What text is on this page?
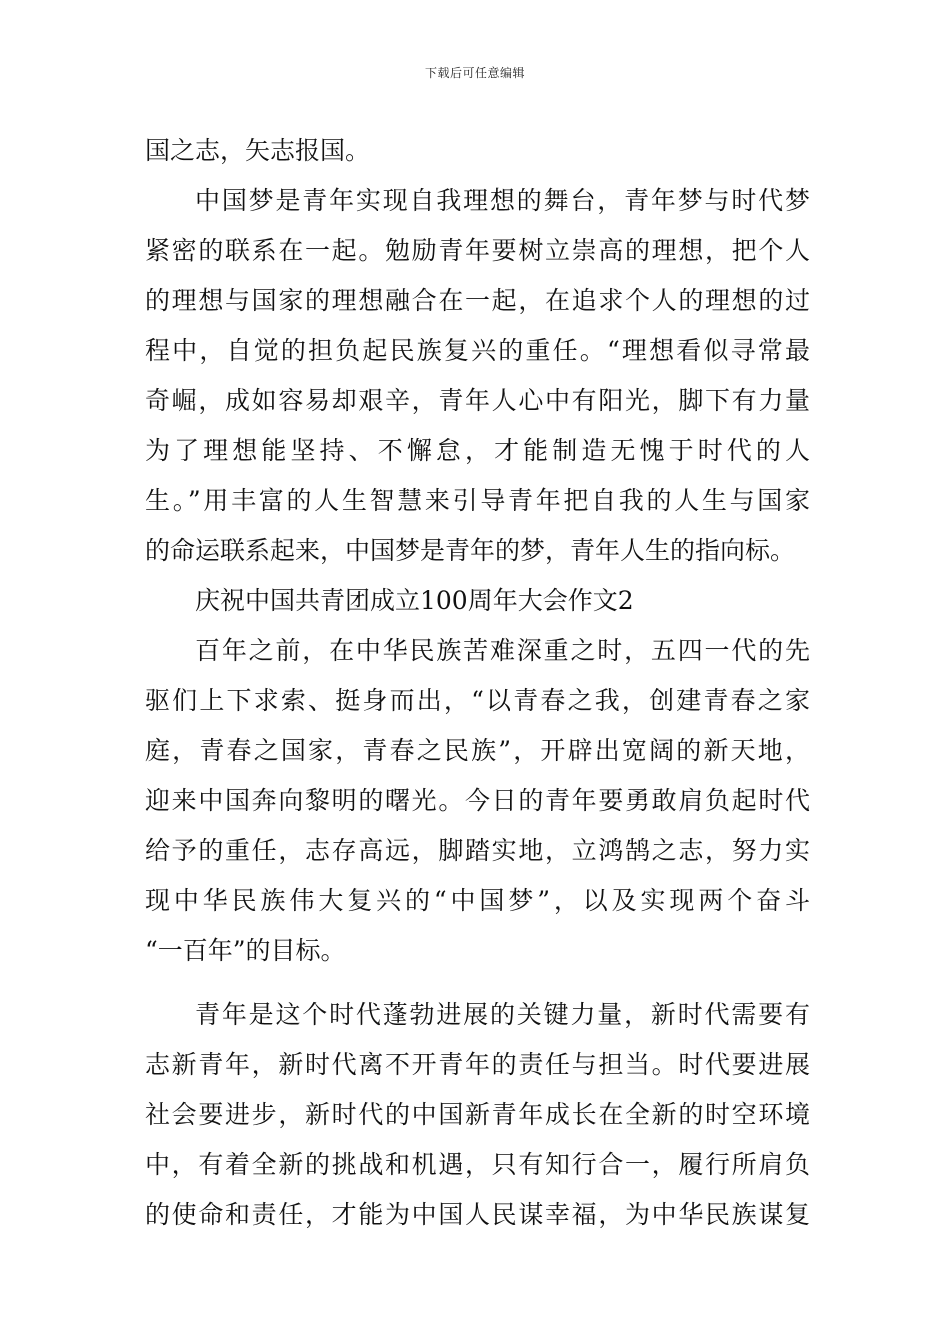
下载后可任意编辑
国之志，矢志报国。
中国梦是青年实现自我理想的舞台，青年梦与时代梦
紧密的联系在一起。勉励青年要树立崇高的理想，把个人
的理想与国家的理想融合在一起，在追求个人的理想的过
程中，自觉的担负起民族复兴的重任。“理想看似寻常最
奇崛，成如容易却艰辛，青年人心中有阳光，脚下有力量
为了理想能坚持、不懈怠，才能制造无愧于时代的人
生。”用丰富的人生智慧来引导青年把自我的人生与国家
的命运联系起来，中国梦是青年的梦，青年人生的指向标。
庆祝中国共青团成立100周年大会作文2
百年之前，在中华民族苦难深重之时，五四一代的先
驱们上下求索、挺身而出，“以青春之我，创建青春之家
庭，青春之国家，青春之民族”，开辟出宽阔的新天地，
迎来中国奔向黎明的曙光。今日的青年要勇敢肩负起时代
给予的重任，志存高远，脚踏实地，立鸿鹄之志，努力实
现中华民族伟大复兴的“中国梦”，以及实现两个奋斗
“一百年”的目标。
青年是这个时代蓬勃进展的关键力量，新时代需要有
志新青年，新时代离不开青年的责任与担当。时代要进展
社会要进步，新时代的中国新青年成长在全新的时空环境
中，有着全新的挑战和机遇，只有知行合一，履行所肩负
的使命和责任，才能为中国人民谋幸福，为中华民族谋复
